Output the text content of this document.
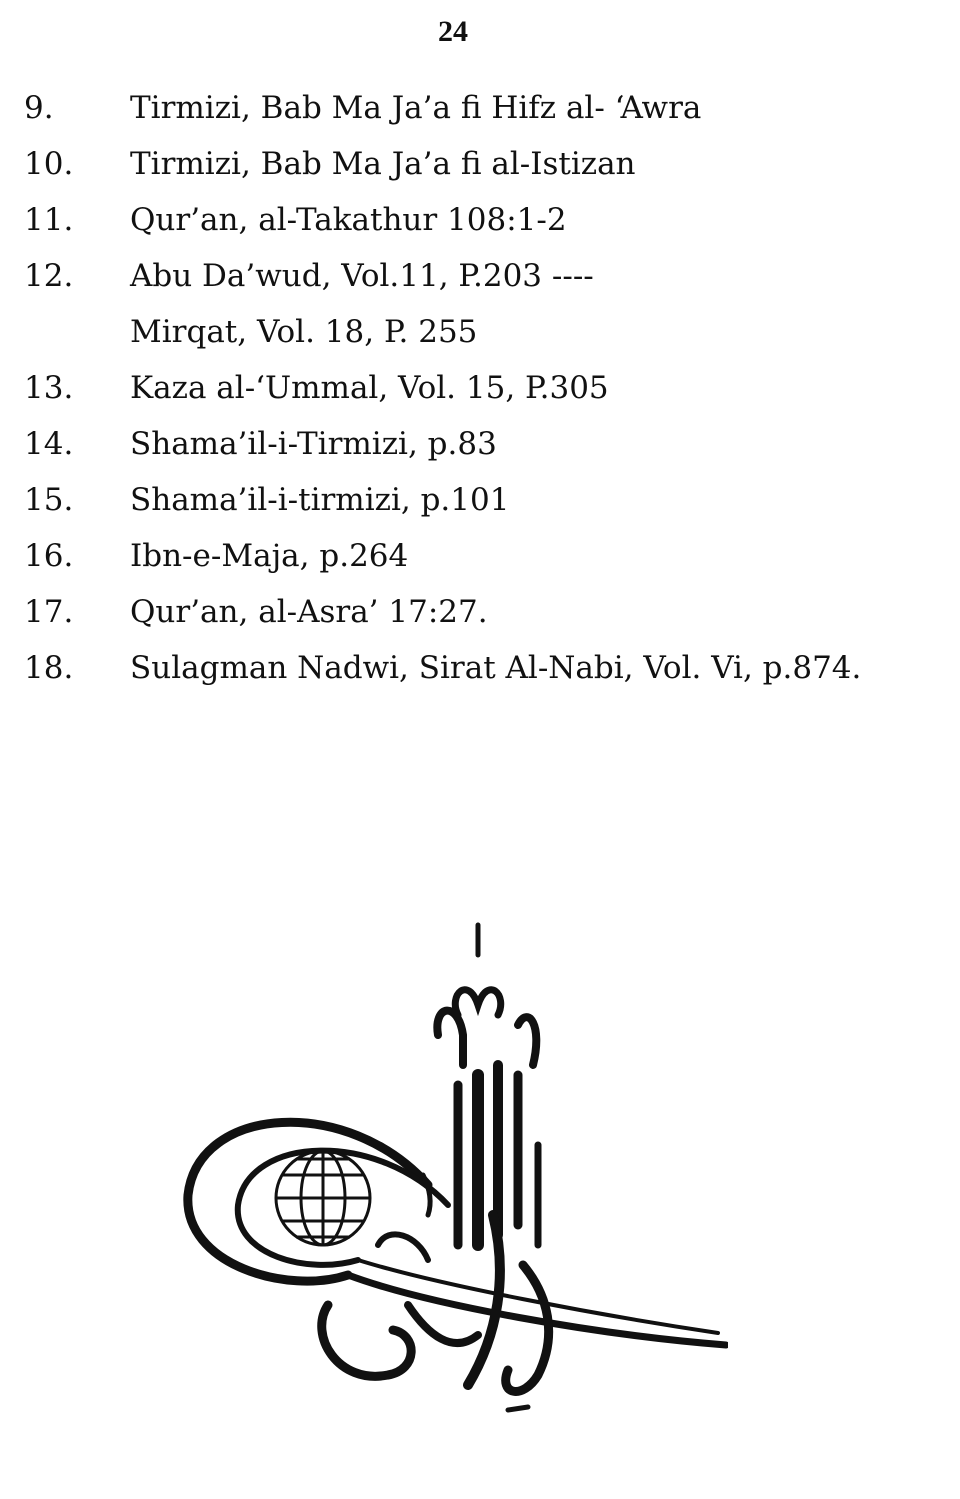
24
9.	Tirmizi, Bab Ma Ja’a fi Hifz al- ‘Awra
10.	Tirmizi, Bab Ma Ja’a fi al-Istizan
11.	Qur’an, al-Takathur 108:1-2
12.	Abu Da’wud, Vol.11, P.203 ----
Mirqat, Vol. 18, P. 255
13.	Kaza al-‘Ummal, Vol. 15, P.305
14.	Shama’il-i-Tirmizi, p.83
15.	Shama’il-i-tirmizi, p.101
16.	Ibn-e-Maja, p.264
17.	Qur’an, al-Asra’ 17:27.
18.	Sulagman Nadwi, Sirat Al-Nabi, Vol. Vi, p.874.
